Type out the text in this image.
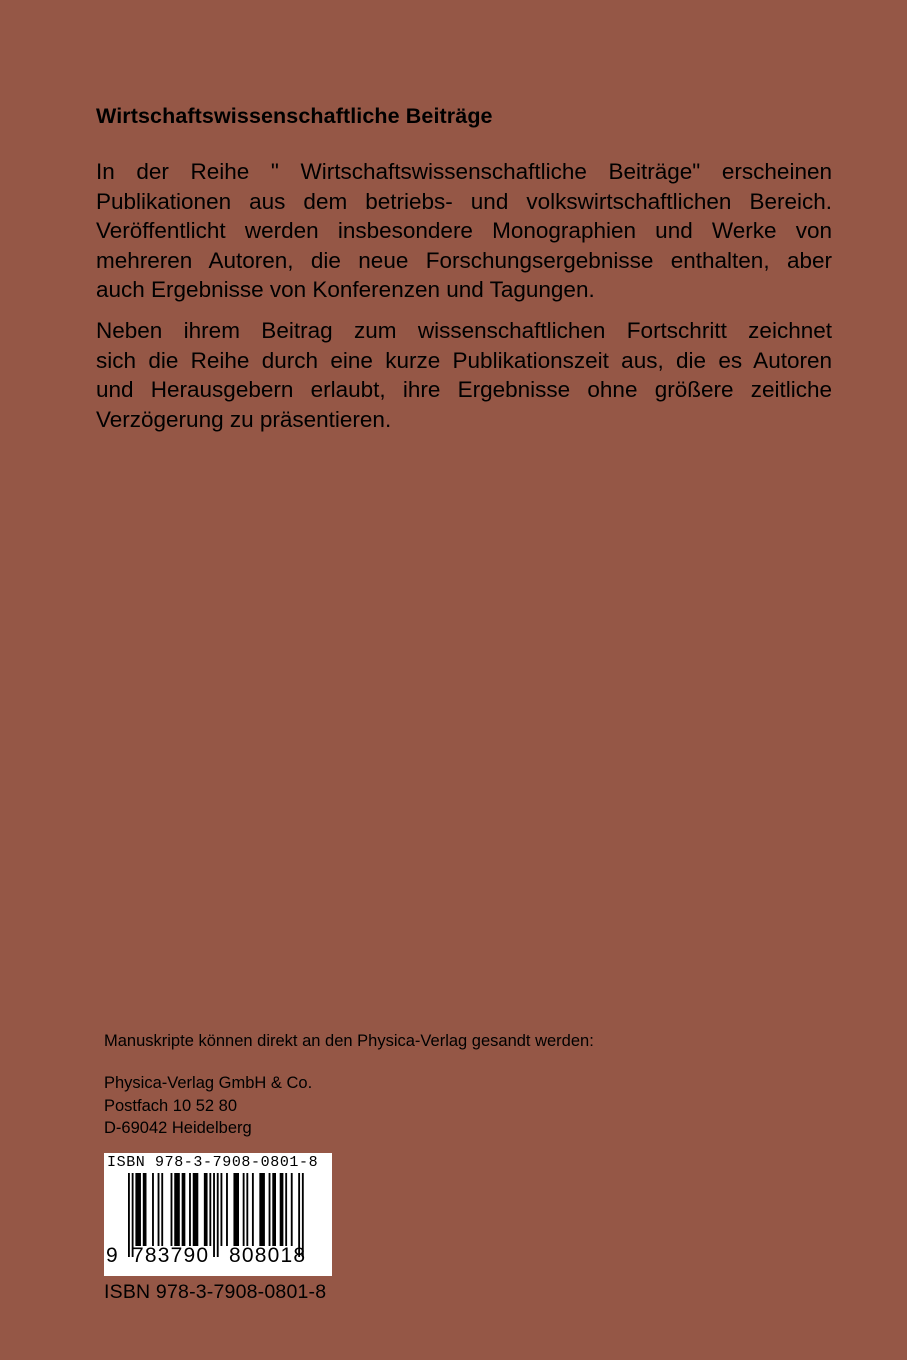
Wirtschaftswissenschaftliche Beiträge
In der Reihe " Wirtschaftswissenschaftliche Beiträge" erscheinen
Publikationen aus dem betriebs- und volkswirtschaftlichen Bereich.
Veröffentlicht werden insbesondere Monographien und Werke von
mehreren Autoren, die neue Forschungsergebnisse enthalten, aber
auch Ergebnisse von Konferenzen und Tagungen.
Neben ihrem Beitrag zum wissenschaftlichen Fortschritt zeichnet
sich die Reihe durch eine kurze Publikationszeit aus, die es Autoren
und Herausgebern erlaubt, ihre Ergebnisse ohne größere zeitliche
Verzögerung zu präsentieren.

Manuskripte können direkt an den Physica-Verlag gesandt werden:

Physica-Verlag GmbH & Co.
Postfach 10 52 80
D-69042 Heidelberg
ISBN 978-3-7908-0801-8
9 783790 808018

ISBN 978-3-7908-0801-8
